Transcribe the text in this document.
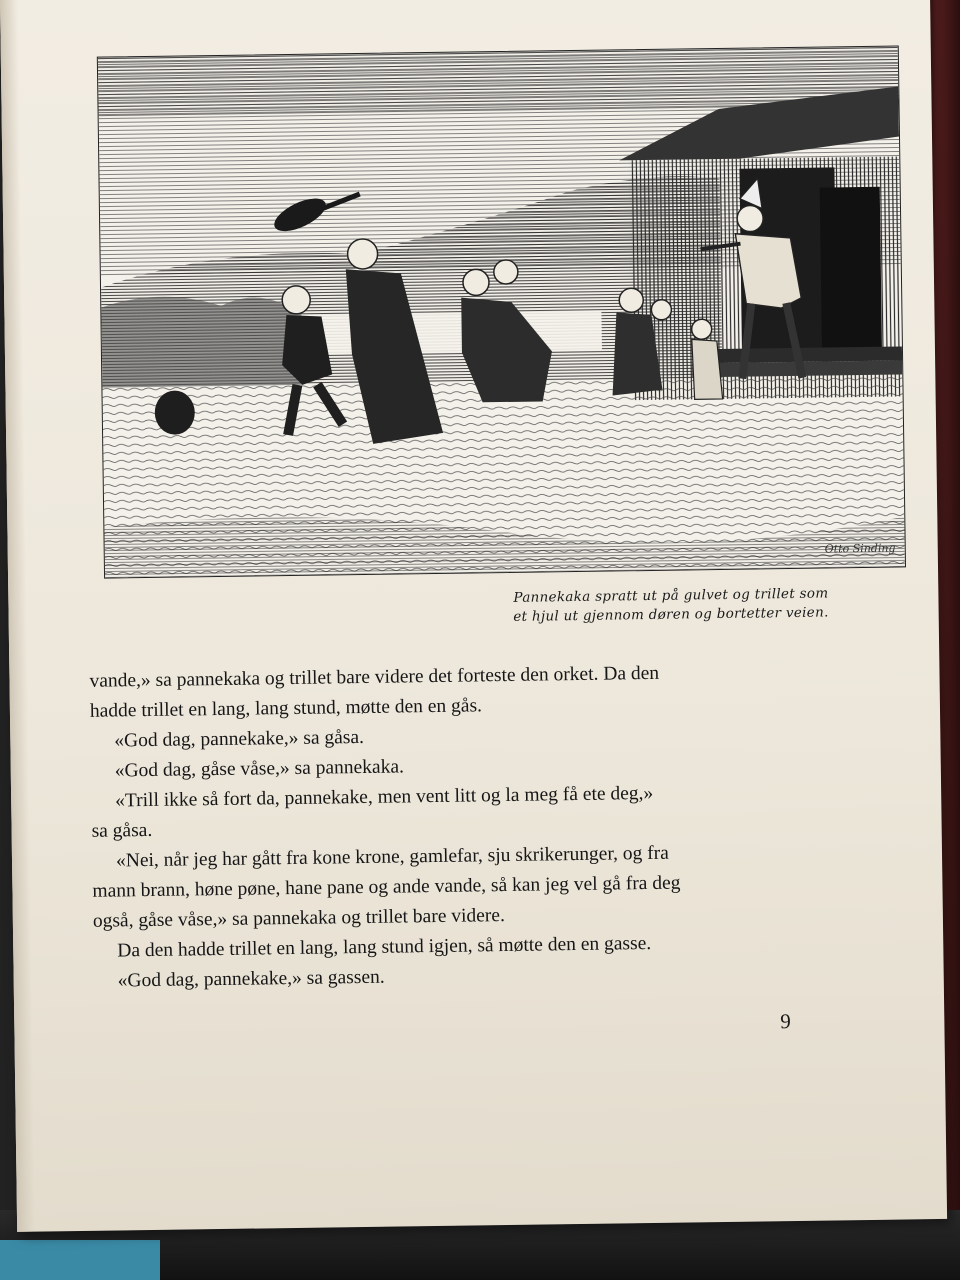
Otto Sinding
Pannekaka spratt ut på gulvet og trillet som
et hjul ut gjennom døren og bortetter veien.
vande,» sa pannekaka og trillet bare videre det forteste den orket. Da den
hadde trillet en lang, lang stund, møtte den en gås.
«God dag, pannekake,» sa gåsa.
«God dag, gåse våse,» sa pannekaka.
«Trill ikke så fort da, pannekake, men vent litt og la meg få ete deg,»
sa gåsa.
«Nei, når jeg har gått fra kone krone, gamlefar, sju skrikerunger, og fra
mann brann, høne pøne, hane pane og ande vande, så kan jeg vel gå fra deg
også, gåse våse,» sa pannekaka og trillet bare videre.
Da den hadde trillet en lang, lang stund igjen, så møtte den en gasse.
«God dag, pannekake,» sa gassen.
9
